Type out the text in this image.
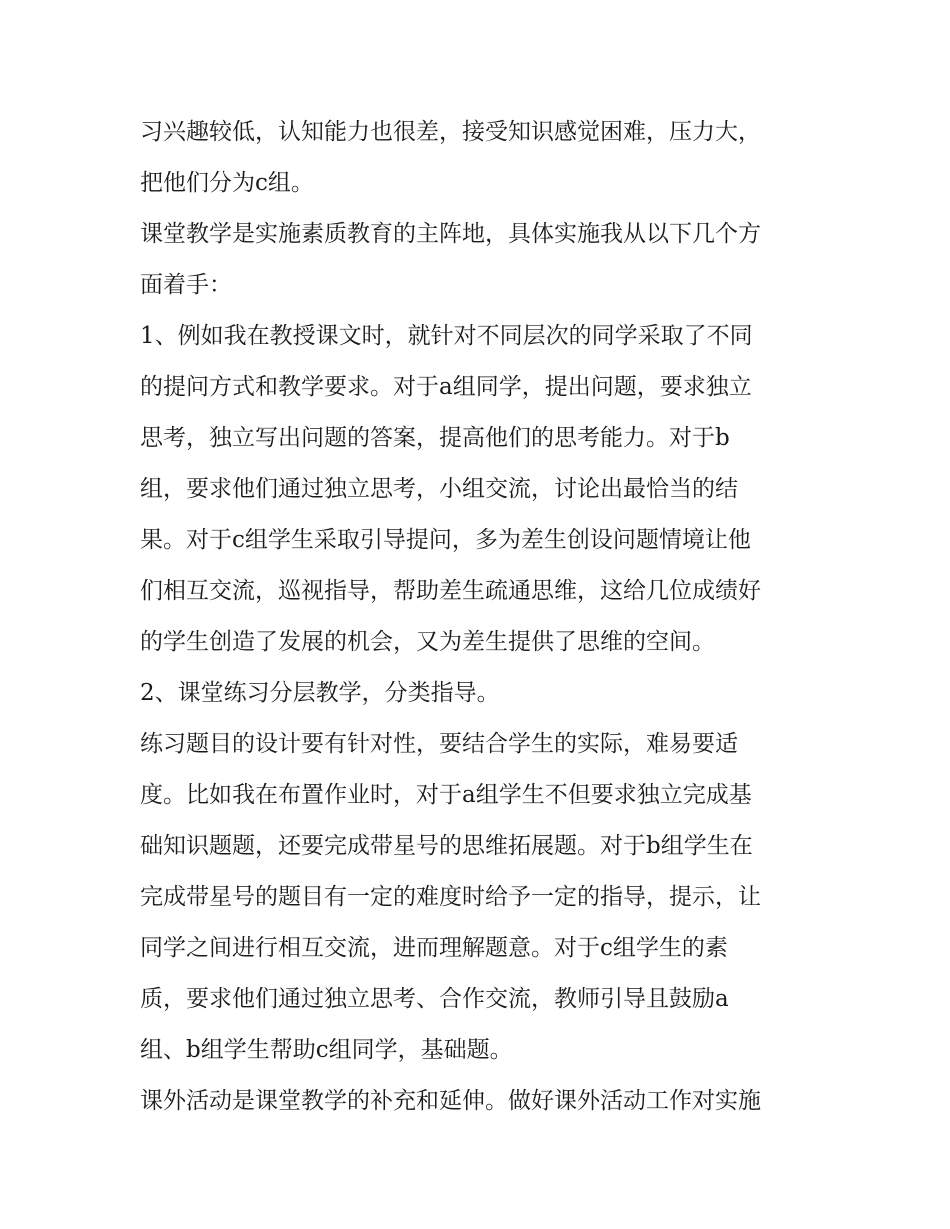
习兴趣较低，认知能力也很差，接受知识感觉困难，压力大，
把他们分为c组。
课堂教学是实施素质教育的主阵地，具体实施我从以下几个方
面着手：
1、例如我在教授课文时，就针对不同层次的同学采取了不同
的提问方式和教学要求。对于a组同学，提出问题，要求独立
思考，独立写出问题的答案，提高他们的思考能力。对于b
组，要求他们通过独立思考，小组交流，讨论出最恰当的结
果。对于c组学生采取引导提问，多为差生创设问题情境让他
们相互交流，巡视指导，帮助差生疏通思维，这给几位成绩好
的学生创造了发展的机会，又为差生提供了思维的空间。
2、课堂练习分层教学，分类指导。
练习题目的设计要有针对性，要结合学生的实际，难易要适
度。比如我在布置作业时，对于a组学生不但要求独立完成基
础知识题题，还要完成带星号的思维拓展题。对于b组学生在
完成带星号的题目有一定的难度时给予一定的指导，提示，让
同学之间进行相互交流，进而理解题意。对于c组学生的素
质，要求他们通过独立思考、合作交流，教师引导且鼓励a
组、b组学生帮助c组同学，基础题。
课外活动是课堂教学的补充和延伸。做好课外活动工作对实施
